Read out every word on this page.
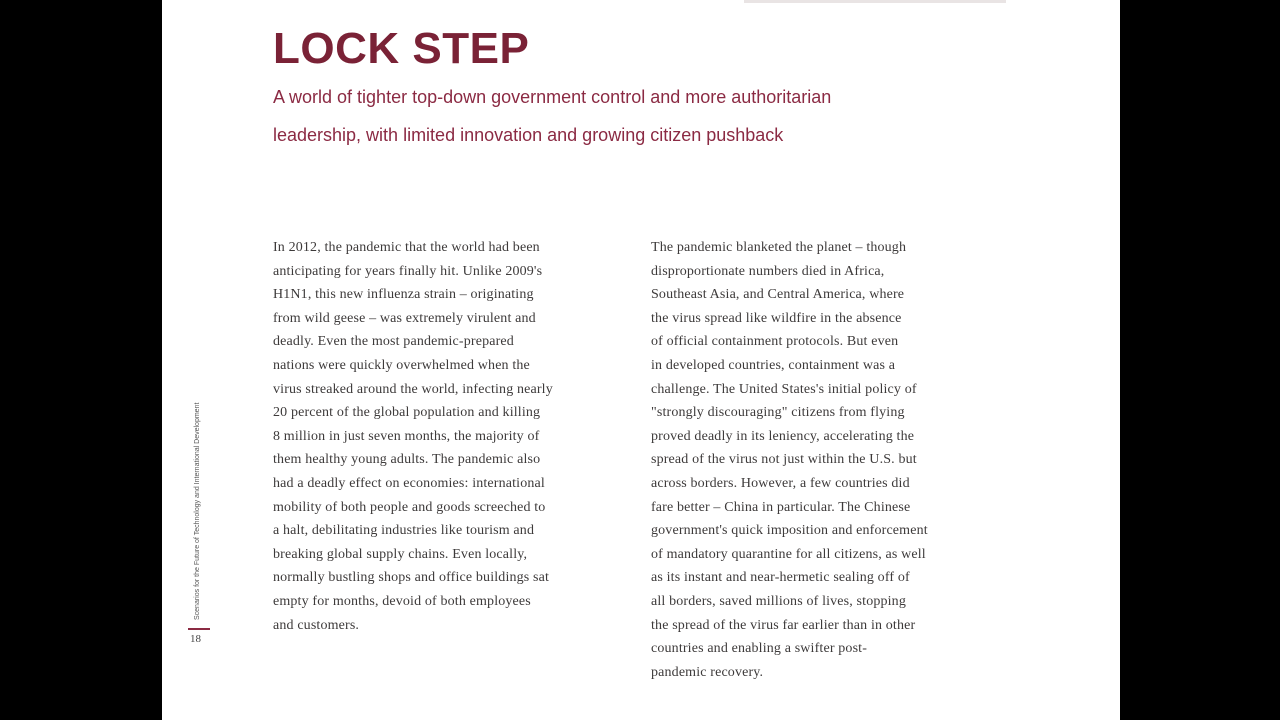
LOCK STEP

A world of tighter top-down government control and more authoritarian leadership, with limited innovation and growing citizen pushback

In 2012, the pandemic that the world had been
anticipating for years finally hit. Unlike 2009's
H1N1, this new influenza strain – originating
from wild geese – was extremely virulent and
deadly. Even the most pandemic-prepared
nations were quickly overwhelmed when the
virus streaked around the world, infecting nearly
20 percent of the global population and killing
8 million in just seven months, the majority of
them healthy young adults. The pandemic also
had a deadly effect on economies: international
mobility of both people and goods screeched to
a halt, debilitating industries like tourism and
breaking global supply chains. Even locally,
normally bustling shops and office buildings sat
empty for months, devoid of both employees
and customers.
The pandemic blanketed the planet – though
disproportionate numbers died in Africa,
Southeast Asia, and Central America, where
the virus spread like wildfire in the absence
of official containment protocols. But even
in developed countries, containment was a
challenge. The United States's initial policy of
"strongly discouraging" citizens from flying
proved deadly in its leniency, accelerating the
spread of the virus not just within the U.S. but
across borders. However, a few countries did
fare better – China in particular. The Chinese
government's quick imposition and enforcement
of mandatory quarantine for all citizens, as well
as its instant and near-hermetic sealing off of
all borders, saved millions of lives, stopping
the spread of the virus far earlier than in other
countries and enabling a swifter post-
pandemic recovery.
Scenarios for the Future of Technology and International Development

18
